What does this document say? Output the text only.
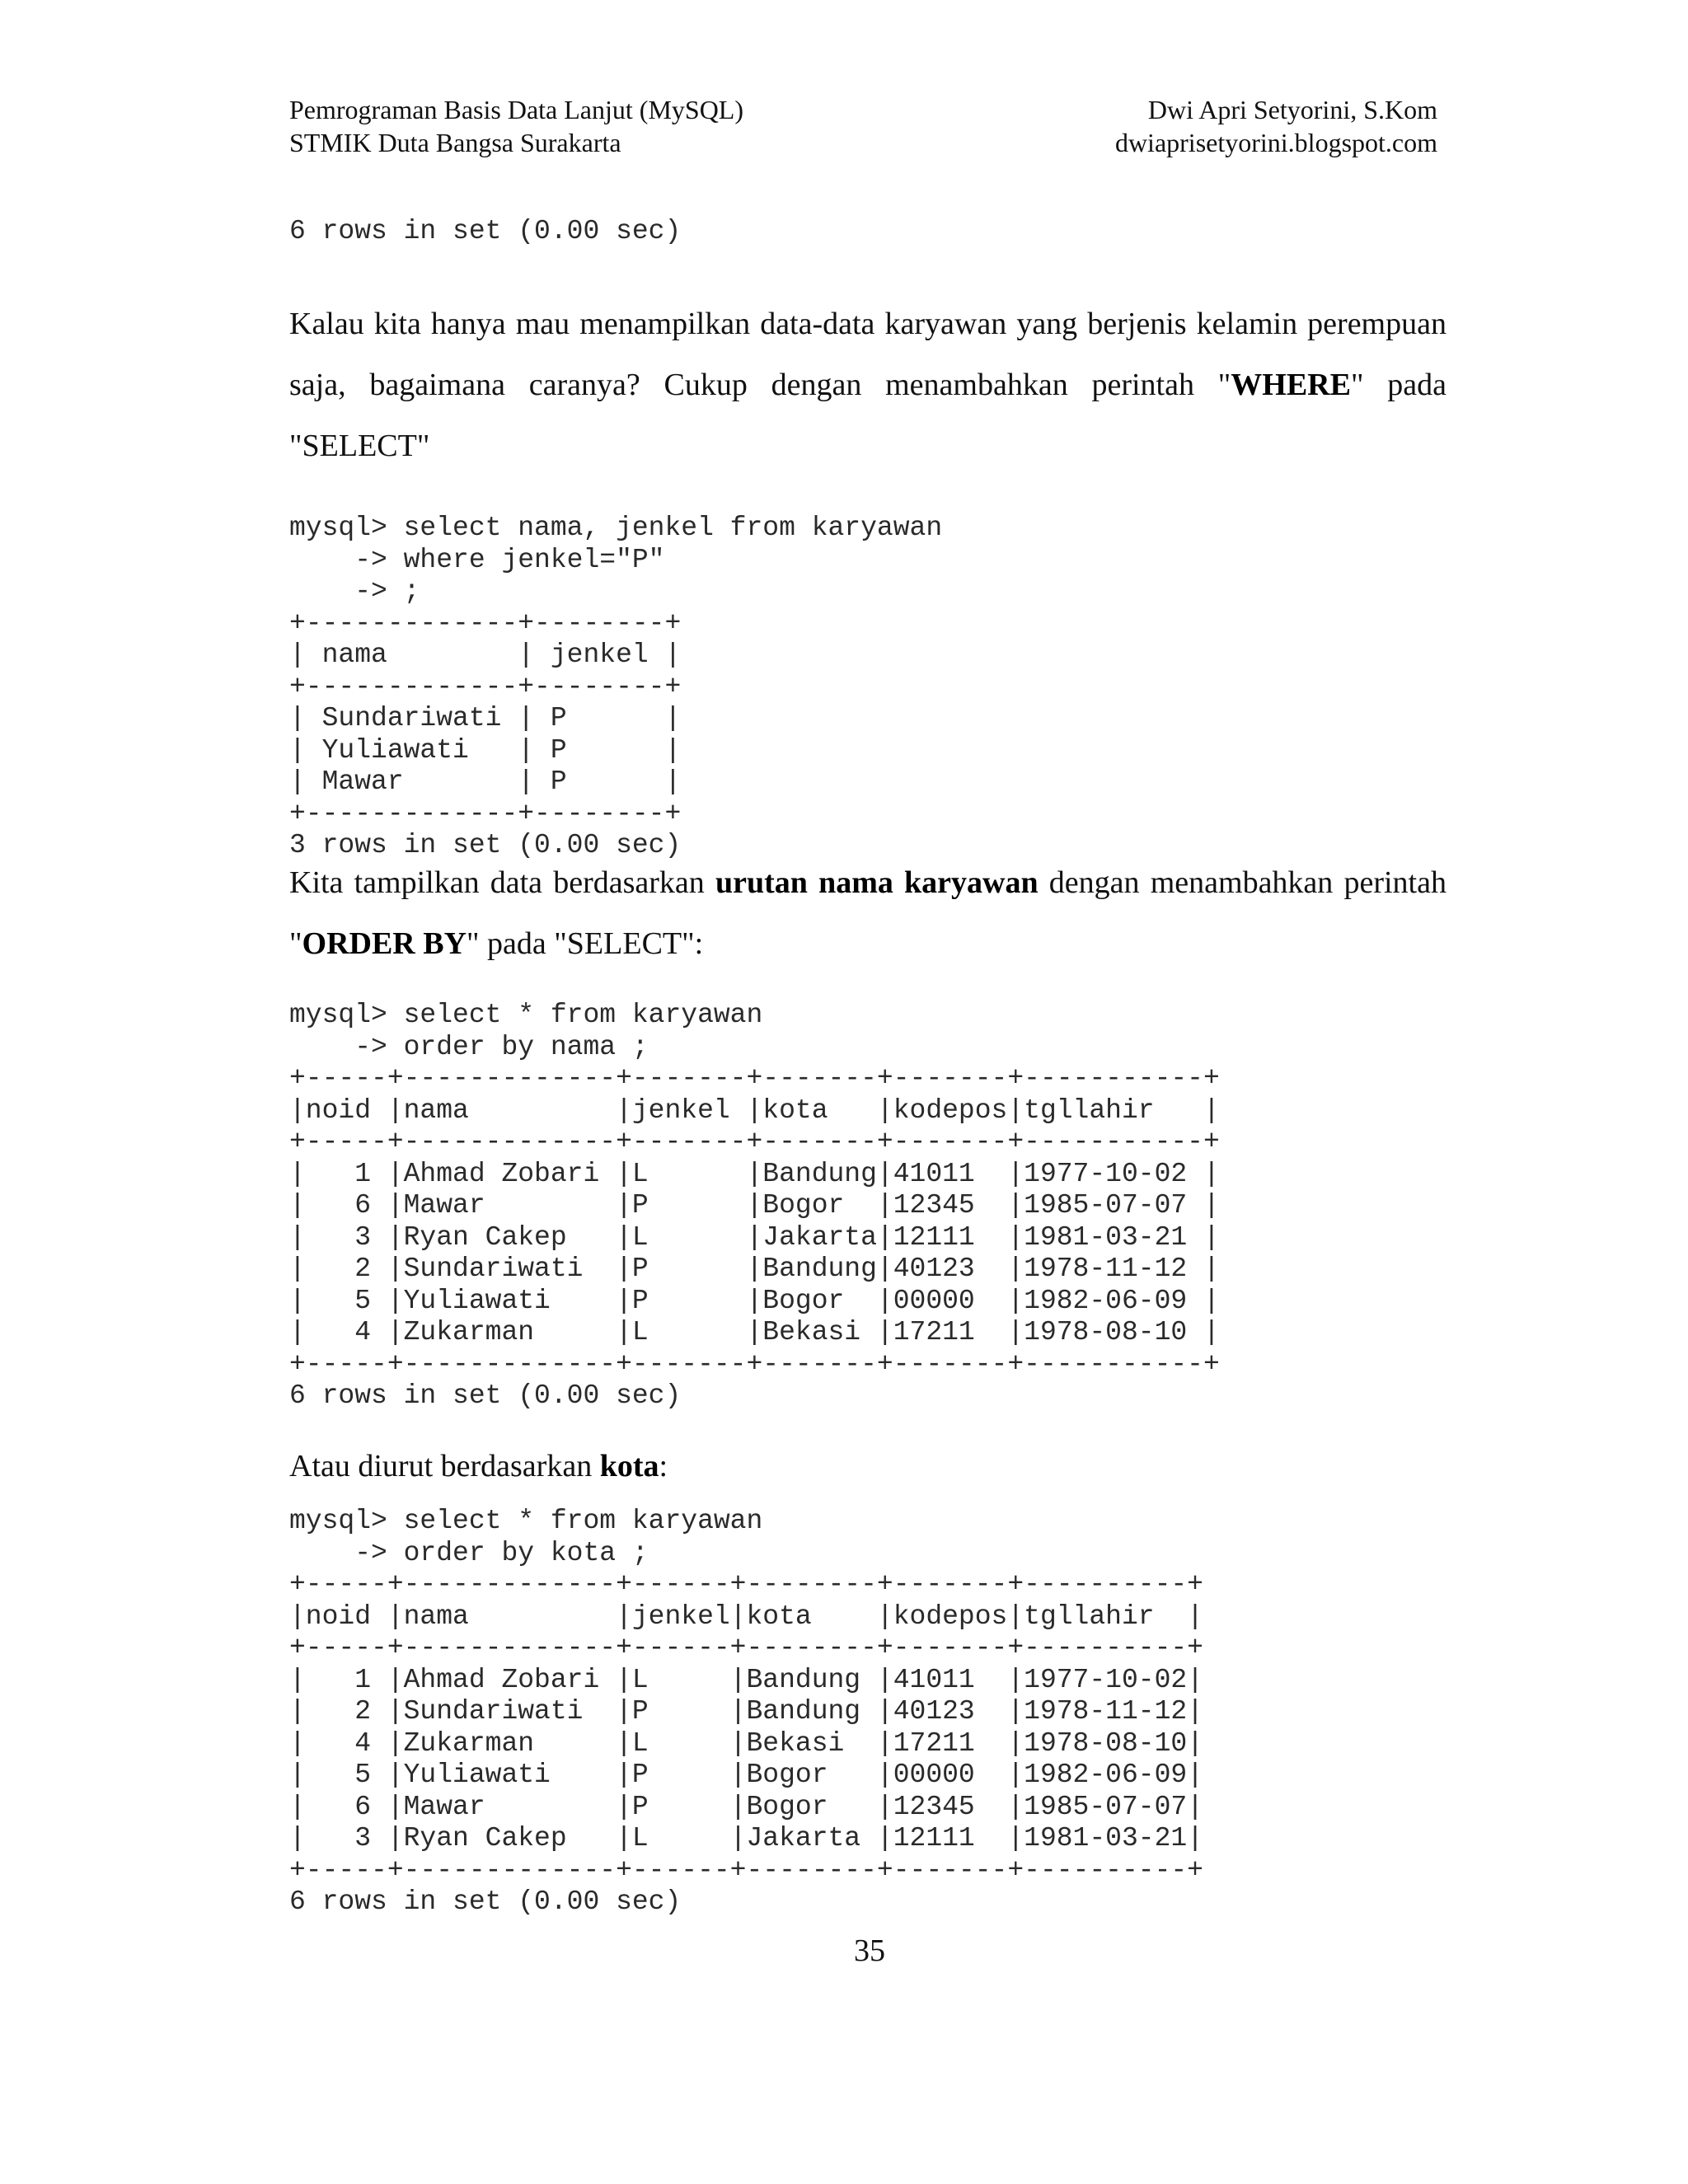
Pemrograman Basis Data Lanjut (MySQL)
STMIK Duta Bangsa Surakarta
Dwi Apri Setyorini, S.Kom
dwiaprisetyorini.blogspot.com
6 rows in set (0.00 sec)
Kalau kita hanya mau menampilkan data-data karyawan yang berjenis kelamin perempuan saja, bagaimana caranya? Cukup dengan menambahkan perintah "WHERE" pada "SELECT"
mysql> select nama, jenkel from karyawan
-> where jenkel="P"
-> ;
+-------------+--------+
| nama        | jenkel |
+-------------+--------+
| Sundariwati | P      |
| Yuliawati   | P      |
| Mawar       | P      |
+-------------+--------+
3 rows in set (0.00 sec)
Kita tampilkan data berdasarkan urutan nama karyawan dengan menambahkan perintah "ORDER BY" pada "SELECT":
mysql> select * from karyawan
-> order by nama ;
+-----+-------------+-------+-------+-------+-----------+
|noid |nama         |jenkel |kota   |kodepos|tgllahir   |
+-----+-------------+-------+-------+-------+-----------+
|   1 |Ahmad Zobari |L      |Bandung|41011  |1977-10-02 |
|   6 |Mawar        |P      |Bogor  |12345  |1985-07-07 |
|   3 |Ryan Cakep   |L      |Jakarta|12111  |1981-03-21 |
|   2 |Sundariwati  |P      |Bandung|40123  |1978-11-12 |
|   5 |Yuliawati    |P      |Bogor  |00000  |1982-06-09 |
|   4 |Zukarman     |L      |Bekasi |17211  |1978-08-10 |
+-----+-------------+-------+-------+-------+-----------+
6 rows in set (0.00 sec)
Atau diurut berdasarkan kota:
mysql> select * from karyawan
-> order by kota ;
+-----+-------------+------+--------+-------+----------+
|noid |nama         |jenkel|kota    |kodepos|tgllahir  |
+-----+-------------+------+--------+-------+----------+
|   1 |Ahmad Zobari |L     |Bandung |41011  |1977-10-02|
|   2 |Sundariwati  |P     |Bandung |40123  |1978-11-12|
|   4 |Zukarman     |L     |Bekasi  |17211  |1978-08-10|
|   5 |Yuliawati    |P     |Bogor   |00000  |1982-06-09|
|   6 |Mawar        |P     |Bogor   |12345  |1985-07-07|
|   3 |Ryan Cakep   |L     |Jakarta |12111  |1981-03-21|
+-----+-------------+------+--------+-------+----------+
6 rows in set (0.00 sec)
35
